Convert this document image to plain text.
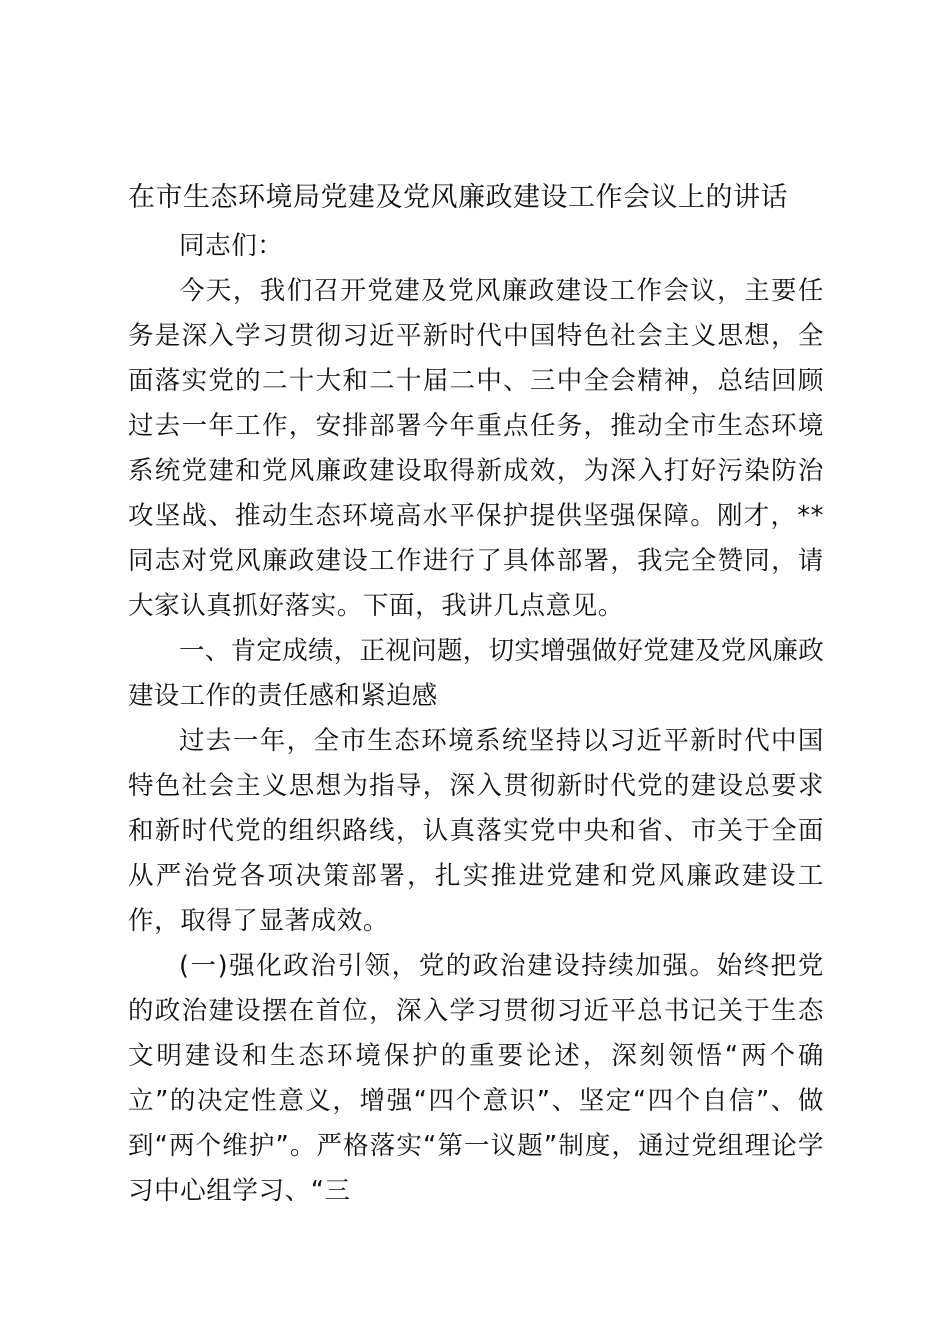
在市生态环境局党建及党风廉政建设工作会议上的讲话

同志们：

今天，我们召开党建及党风廉政建设工作会议，主要任务是深入学习贯彻习近平新时代中国特色社会主义思想，全面落实党的二十大和二十届二中、三中全会精神，总结回顾过去一年工作，安排部署今年重点任务，推动全市生态环境系统党建和党风廉政建设取得新成效，为深入打好污染防治攻坚战、推动生态环境高水平保护提供坚强保障。刚才，**同志对党风廉政建设工作进行了具体部署，我完全赞同，请大家认真抓好落实。下面，我讲几点意见。

一、肯定成绩，正视问题，切实增强做好党建及党风廉政建设工作的责任感和紧迫感

过去一年，全市生态环境系统坚持以习近平新时代中国特色社会主义思想为指导，深入贯彻新时代党的建设总要求和新时代党的组织路线，认真落实党中央和省、市关于全面从严治党各项决策部署，扎实推进党建和党风廉政建设工作，取得了显著成效。

(一)强化政治引领，党的政治建设持续加强。始终把党的政治建设摆在首位，深入学习贯彻习近平总书记关于生态文明建设和生态环境保护的重要论述，深刻领悟“两个确立”的决定性意义，增强“四个意识”、坚定“四个自信”、做到“两个维护”。严格落实“第一议题”制度，通过党组理论学习中心组学习、“三
